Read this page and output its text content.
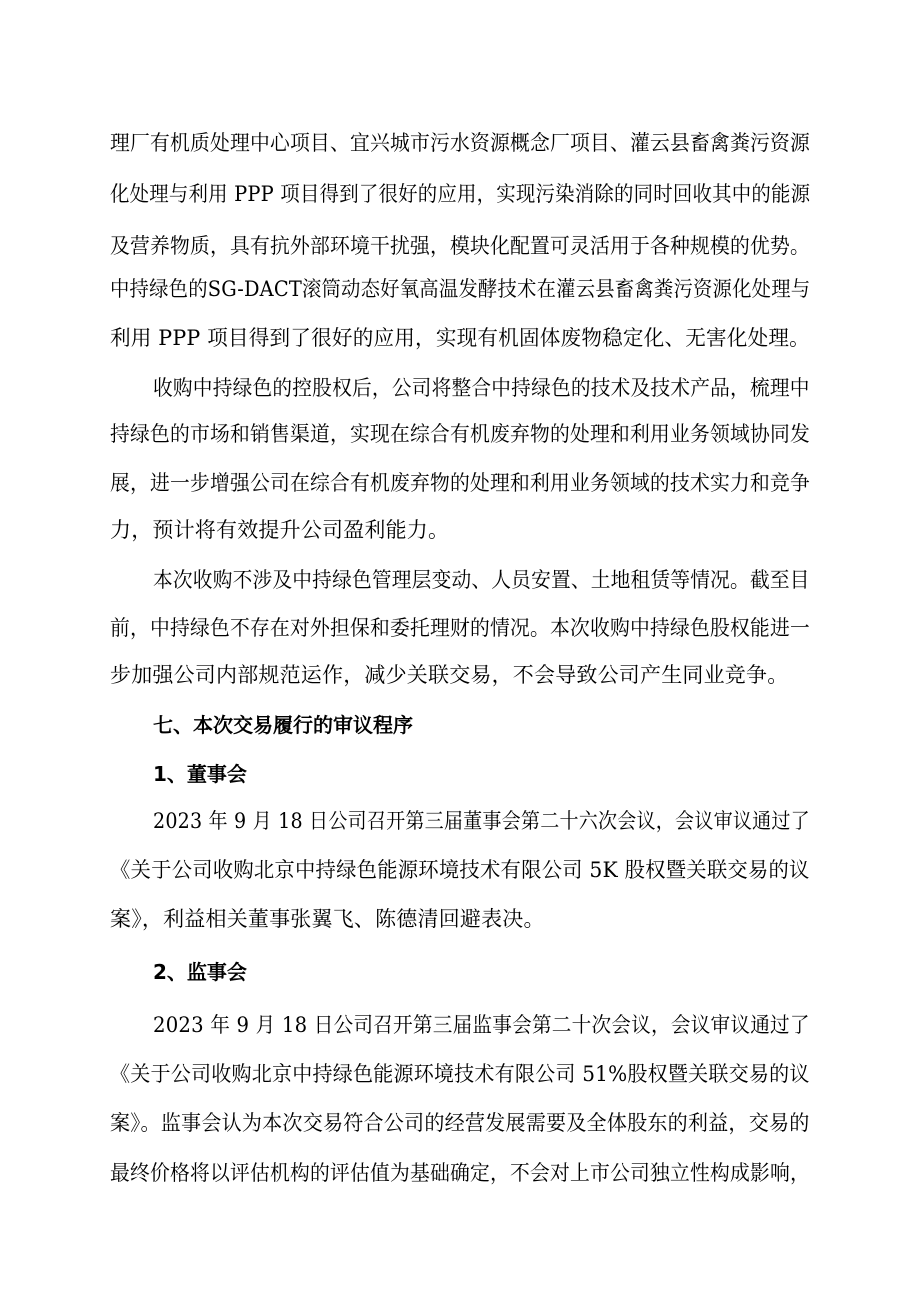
理厂有机质处理中心项目、宜兴城市污水资源概念厂项目、灌云县畜禽粪污资源
化处理与利用 PPP 项目得到了很好的应用，实现污染消除的同时回收其中的能源
及营养物质，具有抗外部环境干扰强，模块化配置可灵活用于各种规模的优势。
中持绿色的SG-DACT滚筒动态好氧高温发酵技术在灌云县畜禽粪污资源化处理与
利用 PPP 项目得到了很好的应用，实现有机固体废物稳定化、无害化处理。
收购中持绿色的控股权后，公司将整合中持绿色的技术及技术产品，梳理中
持绿色的市场和销售渠道，实现在综合有机废弃物的处理和利用业务领域协同发
展，进一步增强公司在综合有机废弃物的处理和利用业务领域的技术实力和竞争
力，预计将有效提升公司盈利能力。
本次收购不涉及中持绿色管理层变动、人员安置、土地租赁等情况。截至目
前，中持绿色不存在对外担保和委托理财的情况。本次收购中持绿色股权能进一
步加强公司内部规范运作，减少关联交易，不会导致公司产生同业竞争。
七、本次交易履行的审议程序
1、董事会
2023 年 9 月 18 日公司召开第三届董事会第二十六次会议，会议审议通过了
《关于公司收购北京中持绿色能源环境技术有限公司 5K 股权暨关联交易的议
案》，利益相关董事张翼飞、陈德清回避表决。
2、监事会
2023 年 9 月 18 日公司召开第三届监事会第二十次会议，会议审议通过了
《关于公司收购北京中持绿色能源环境技术有限公司 51%股权暨关联交易的议
案》。监事会认为本次交易符合公司的经营发展需要及全体股东的利益，交易的
最终价格将以评估机构的评估值为基础确定，不会对上市公司独立性构成影响，
